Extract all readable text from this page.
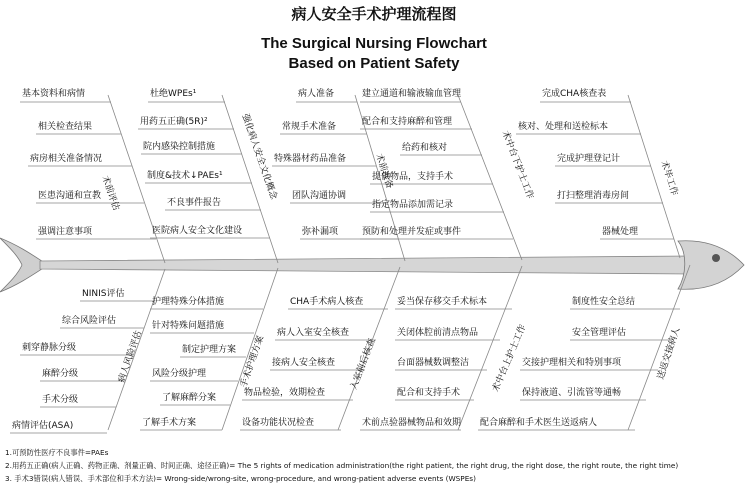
病人安全手术护理流程图
The Surgical Nursing Flowchart
Based on Patient Safety
基本资料和病情
相关检查结果
病房相关准备情况
医患沟通和宣教
强调注意事项
术前评估
杜绝WPEs¹
用药五正确(5R)²
院内感染控制措施
制度&技术↓PAEs¹
不良事件报告
医院病人安全文化建设
强化病人安全文化概念
病人准备
常规手术准备
特殊器材药品准备
团队沟通协调
弥补漏项
术前准备
建立通道和输液输血管理
配合和支持麻醉和管理
给药和核对
提供物品，支持手术
指定物品添加需记录
预防和处理并发症或事件
术中台下护士工作
完成CHA核查表
核对、处理和送检标本
完成护理登记计
打扫整理消毒房间
器械处理
术毕工作
NINIS评估
综合风险评估
刺穿静脉分级
麻醉分级
手术分级
病情评估(ASA)
病人风险评估
护理特殊分体措施
针对特殊问题措施
制定护理方案
风险分级护理
了解麻醉分案
了解手术方案
手术护理方案
CHA手术病人核查
病人入室安全核查
接病人安全核查
物品检验，效期检查
设备功能状况检查
入室前后核查
妥当保存移交手术标本
关闭体腔前清点物品
台面器械数调整洁
配合和支持手术
术前点验器械物品和效期
术中台上护士工作
制度性安全总结
安全管理评估
交接护理相关和特别事项
保持液道、引流管等通畅
配合麻醉和手术医生送返病人
送返交接病人
1.可预防性医疗不良事件=PAEs
2.用药五正确(病人正确、药物正确、剂量正确、时间正确、途径正确)= The 5 rights of medication administration(the right patient, the right drug, the right dose, the right route, the right time)
3. 手术3错误(病人错误、手术部位和手术方法)= Wrong-side/wrong-site, wrong-procedure, and wrong-patient adverse events (WSPEs)
